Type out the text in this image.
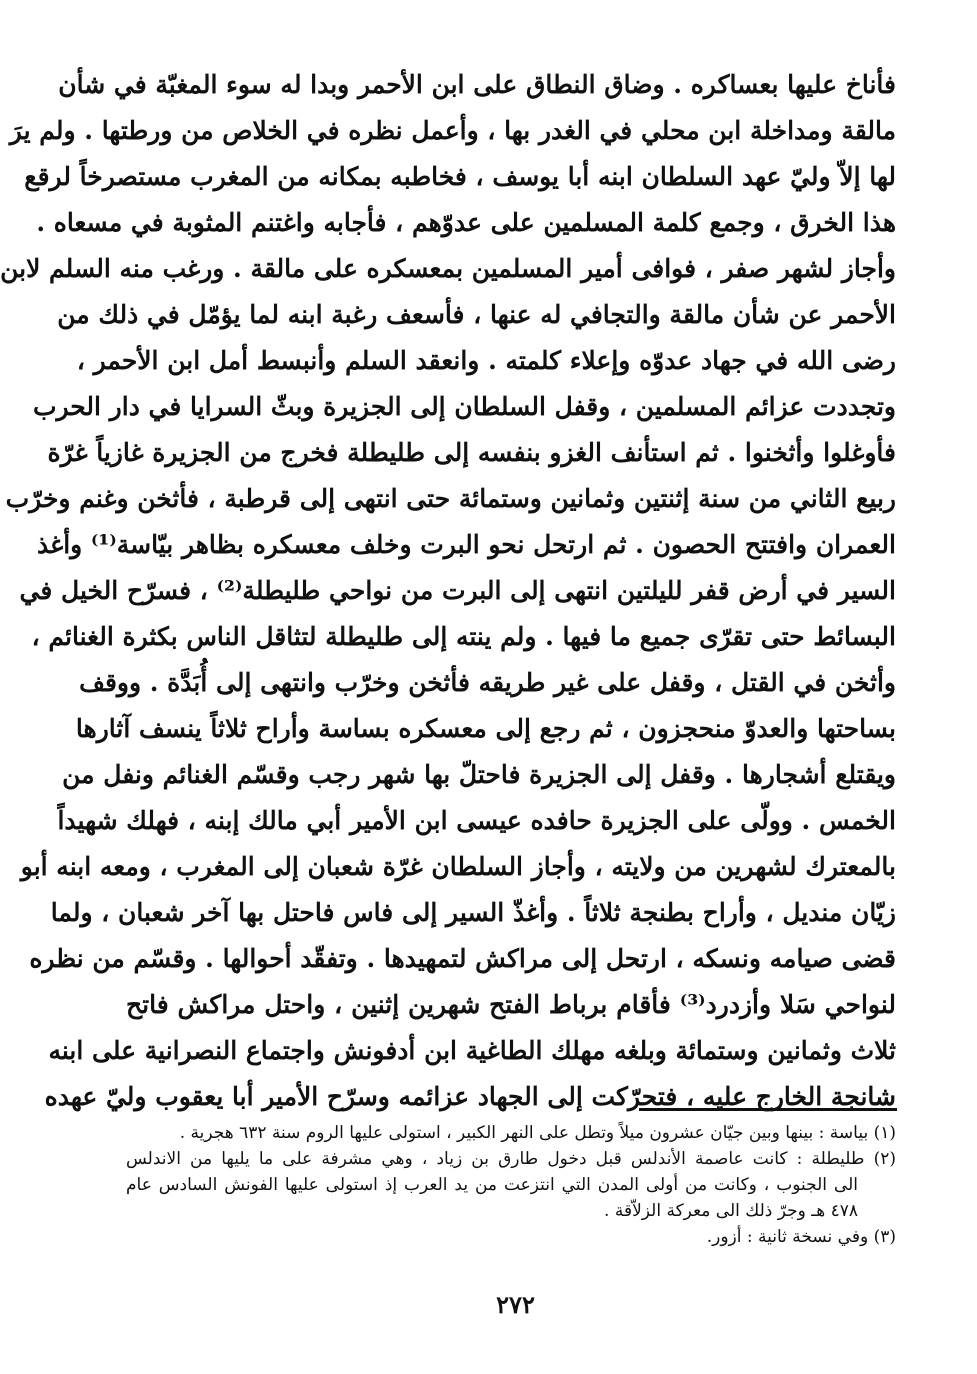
فأناخ عليها بعساكره . وضاق النطاق على ابن الأحمر وبدا له سوء المغبّة في شأن
مالقة ومداخلة ابن محلي في الغدر بها ، وأعمل نظره في الخلاص من ورطتها . ولم يرَ
لها إلاّ وليّ عهد السلطان ابنه أبا يوسف ، فخاطبه بمكانه من المغرب مستصرخاً لرقع
هذا الخرق ، وجمع كلمة المسلمين على عدوّهم ، فأجابه واغتنم المثوبة في مسعاه .
وأجاز لشهر صفر ، فوافى أمير المسلمين بمعسكره على مالقة . ورغب منه السلم لابن
الأحمر عن شأن مالقة والتجافي له عنها ، فأسعف رغبة ابنه لما يؤمّل في ذلك من
رضى الله في جهاد عدوّه وإعلاء كلمته . وانعقد السلم وأنبسط أمل ابن الأحمر ،
وتجددت عزائم المسلمين ، وقفل السلطان إلى الجزيرة وبثّ السرايا في دار الحرب
فأوغلوا وأثخنوا . ثم استأنف الغزو بنفسه إلى طليطلة فخرج من الجزيرة غازياً غرّة
ربيع الثاني من سنة إثنتين وثمانين وستمائة حتى انتهى إلى قرطبة ، فأثخن وغنم وخرّب
العمران وافتتح الحصون . ثم ارتحل نحو البرت وخلف معسكره بظاهر بيّاسة⁽¹⁾ وأغذ
السير في أرض قفر لليلتين انتهى إلى البرت من نواحي طليطلة⁽²⁾ ، فسرّح الخيل في
البسائط حتى تقرّى جميع ما فيها . ولم ينته إلى طليطلة لتثاقل الناس بكثرة الغنائم ،
وأثخن في القتل ، وقفل على غير طريقه فأثخن وخرّب وانتهى إلى أُبَدَّة . ووقف
بساحتها والعدوّ منحجزون ، ثم رجع إلى معسكره بساسة وأراح ثلاثاً ينسف آثارها
ويقتلع أشجارها . وقفل إلى الجزيرة فاحتلّ بها شهر رجب وقسّم الغنائم ونفل من
الخمس . وولّى على الجزيرة حافده عيسى ابن الأمير أبي مالك إبنه ، فهلك شهيداً
بالمعترك لشهرين من ولايته ، وأجاز السلطان غرّة شعبان إلى المغرب ، ومعه ابنه أبو
زيّان منديل ، وأراح بطنجة ثلاثاً . وأغذّ السير إلى فاس فاحتل بها آخر شعبان ، ولما
قضى صيامه ونسكه ، ارتحل إلى مراكش لتمهيدها . وتفقّد أحوالها . وقسّم من نظره
لنواحي سَلا وأزدرد⁽³⁾ فأقام برباط الفتح شهرين إثنين ، واحتل مراكش فاتح
ثلاث وثمانين وستمائة وبلغه مهلك الطاغية ابن أدفونش واجتماع النصرانية على ابنه
شانجة الخارج عليه ، فتحرّكت إلى الجهاد عزائمه وسرّح الأمير أبا يعقوب وليّ عهده
(١) بياسة : بينها وبين جيّان عشرون ميلاً وتطل على النهر الكبير ، استولى عليها الروم سنة ٦٣٢ هجرية .
(٢) طليطلة : كانت عاصمة الأندلس قبل دخول طارق بن زياد ، وهي مشرفة على ما يليها من الاندلس
الى الجنوب ، وكانت من أولى المدن التي انتزعت من يد العرب إذ استولى عليها الفونش السادس عام
٤٧٨ هـ وجرّ ذلك الى معركة الزلاّقة .
(٣) وفي نسخة ثانية : أزور.
٢٧٢
